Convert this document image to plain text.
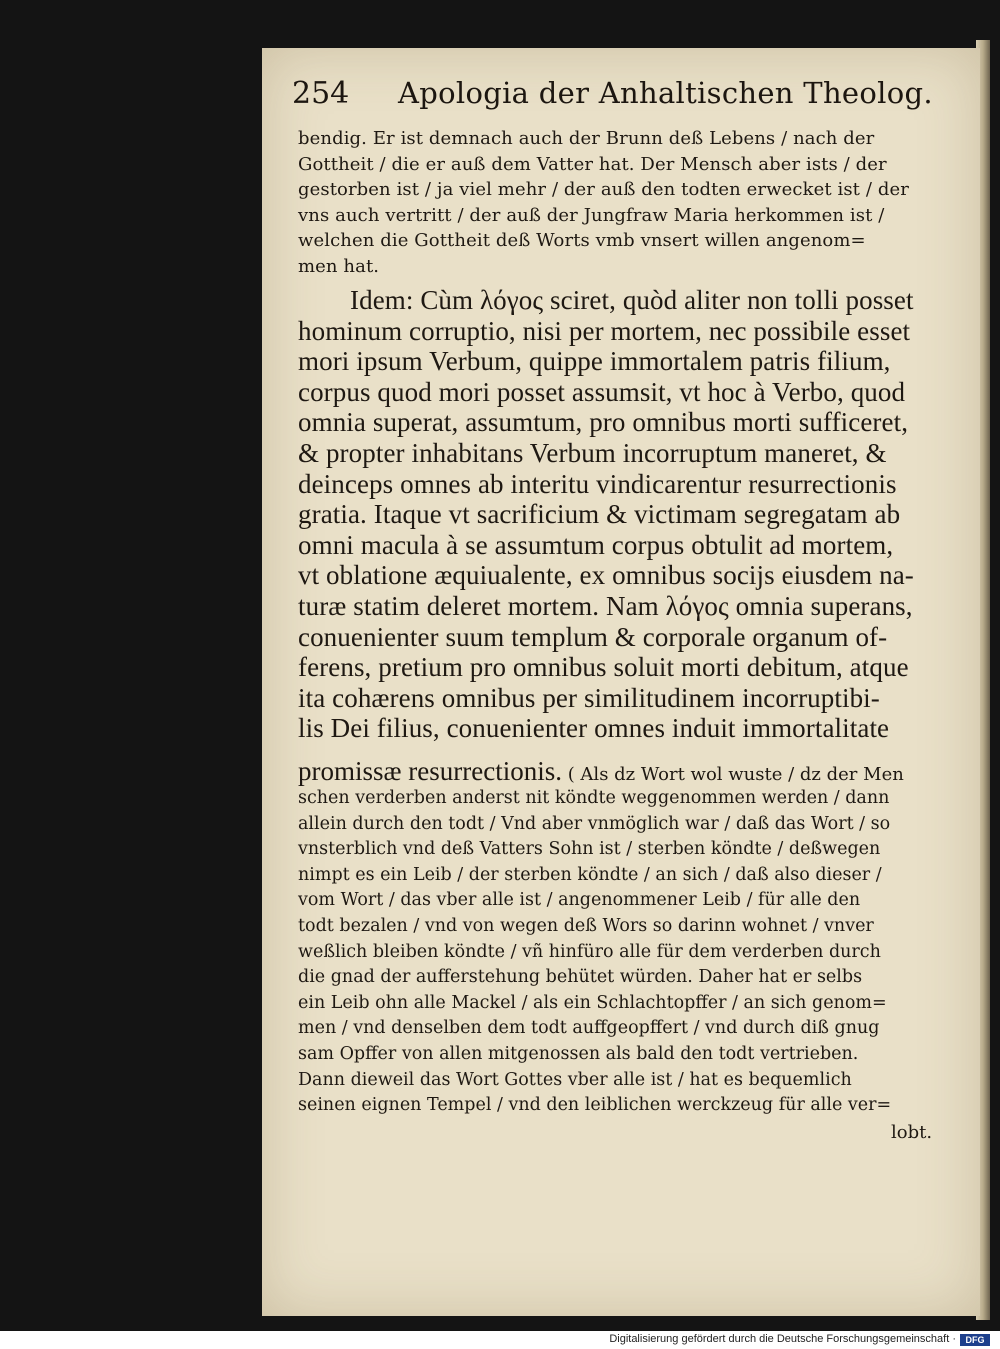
254 Apologia der Anhaltischen Theolog.
bendig. Er ist demnach auch der Brunn deß Lebens / nach der
Gottheit / die er auß dem Vatter hat. Der Mensch aber ists / der
gestorben ist / ja viel mehr / der auß den todten erwecket ist / der
vns auch vertritt / der auß der Jungfraw Maria herkommen ist /
welchen die Gottheit deß Worts vmb vnsert willen angenom=
men hat.
Idem: Cùm λόγος sciret, quòd aliter non tolli posset
hominum corruptio, nisi per mortem, nec possibile esset
mori ipsum Verbum, quippe immortalem patris filium,
corpus quod mori posset assumsit, vt hoc à Verbo, quod
omnia superat, assumtum, pro omnibus morti sufficeret,
& propter inhabitans Verbum incorruptum maneret, &
deinceps omnes ab interitu vindicarentur resurrectionis
gratia. Itaque vt sacrificium & victimam segregatam ab
omni macula à se assumtum corpus obtulit ad mortem,
vt oblatione æquiualente, ex omnibus socijs eiusdem na-
turæ statim deleret mortem. Nam λόγος omnia superans,
conuenienter suum templum & corporale organum of-
ferens, pretium pro omnibus soluit morti debitum, atque
ita cohærens omnibus per similitudinem incorruptibi-
lis Dei filius, conuenienter omnes induit immortalitate
promissæ resurrectionis. ( Als dz Wort wol wuste / dz der Men
schen verderben anderst nit köndte weggenommen werden / dann
allein durch den todt / Vnd aber vnmöglich war / daß das Wort / so
vnsterblich vnd deß Vatters Sohn ist / sterben köndte / deßwegen
nimpt es ein Leib / der sterben köndte / an sich / daß also dieser /
vom Wort / das vber alle ist / angenommener Leib / für alle den
todt bezalen / vnd von wegen deß Wors so darinn wohnet / vnver
weßlich bleiben köndte / vñ hinfüro alle für dem verderben durch
die gnad der aufferstehung behütet würden. Daher hat er selbs
ein Leib ohn alle Mackel / als ein Schlachtopffer / an sich genom=
men / vnd denselben dem todt auffgeopffert / vnd durch diß gnug
sam Opffer von allen mitgenossen als bald den todt vertrieben.
Dann dieweil das Wort Gottes vber alle ist / hat es bequemlich
seinen eignen Tempel / vnd den leiblichen werckzeug für alle ver=
lobt.
Digitalisierung gefördert durch die Deutsche Forschungsgemeinschaft ·	DFG
